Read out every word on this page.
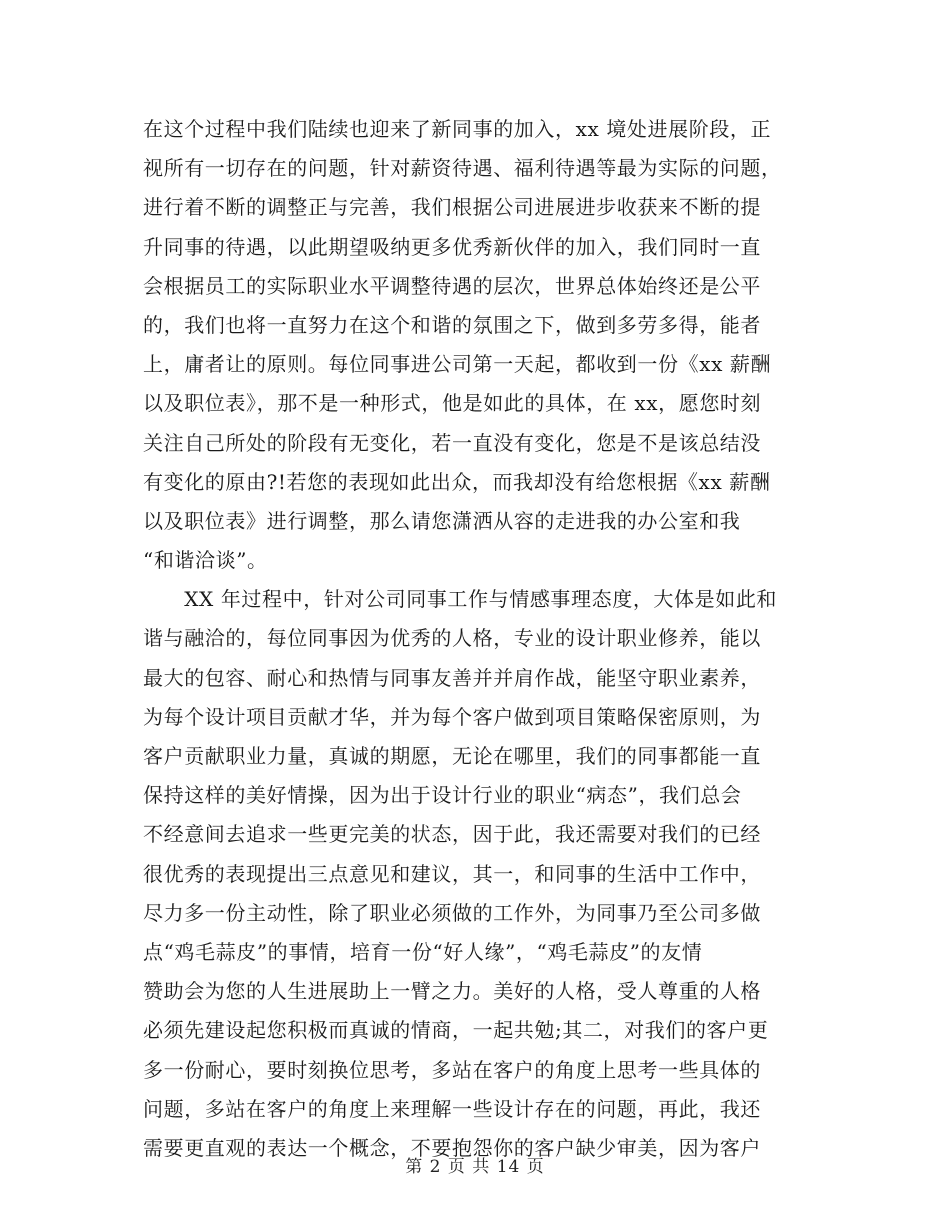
在这个过程中我们陆续也迎来了新同事的加入，xx 境处进展阶段，正
视所有一切存在的问题，针对薪资待遇、福利待遇等最为实际的问题，
进行着不断的调整正与完善，我们根据公司进展进步收获来不断的提
升同事的待遇，以此期望吸纳更多优秀新伙伴的加入，我们同时一直
会根据员工的实际职业水平调整待遇的层次，世界总体始终还是公平
的，我们也将一直努力在这个和谐的氛围之下，做到多劳多得，能者
上，庸者让的原则。每位同事进公司第一天起，都收到一份《xx 薪酬
以及职位表》，那不是一种形式，他是如此的具体，在 xx，愿您时刻
关注自己所处的阶段有无变化，若一直没有变化，您是不是该总结没
有变化的原由?!若您的表现如此出众，而我却没有给您根据《xx 薪酬
以及职位表》进行调整，那么请您潇洒从容的走进我的办公室和我
“和谐洽谈”。
　　XX 年过程中，针对公司同事工作与情感事理态度，大体是如此和
谐与融洽的，每位同事因为优秀的人格，专业的设计职业修养，能以
最大的包容、耐心和热情与同事友善并并肩作战，能坚守职业素养，
为每个设计项目贡献才华，并为每个客户做到项目策略保密原则，为
客户贡献职业力量，真诚的期愿，无论在哪里，我们的同事都能一直
保持这样的美好情操，因为出于设计行业的职业“病态”，我们总会
不经意间去追求一些更完美的状态，因于此，我还需要对我们的已经
很优秀的表现提出三点意见和建议，其一，和同事的生活中工作中，
尽力多一份主动性，除了职业必须做的工作外，为同事乃至公司多做
点“鸡毛蒜皮”的事情，培育一份“好人缘”，“鸡毛蒜皮”的友情
赞助会为您的人生进展助上一臂之力。美好的人格，受人尊重的人格
必须先建设起您积极而真诚的情商，一起共勉;其二，对我们的客户更
多一份耐心，要时刻换位思考，多站在客户的角度上思考一些具体的
问题，多站在客户的角度上来理解一些设计存在的问题，再此，我还
需要更直观的表达一个概念，不要抱怨你的客户缺少审美，因为客户
第 2 页 共 14 页
